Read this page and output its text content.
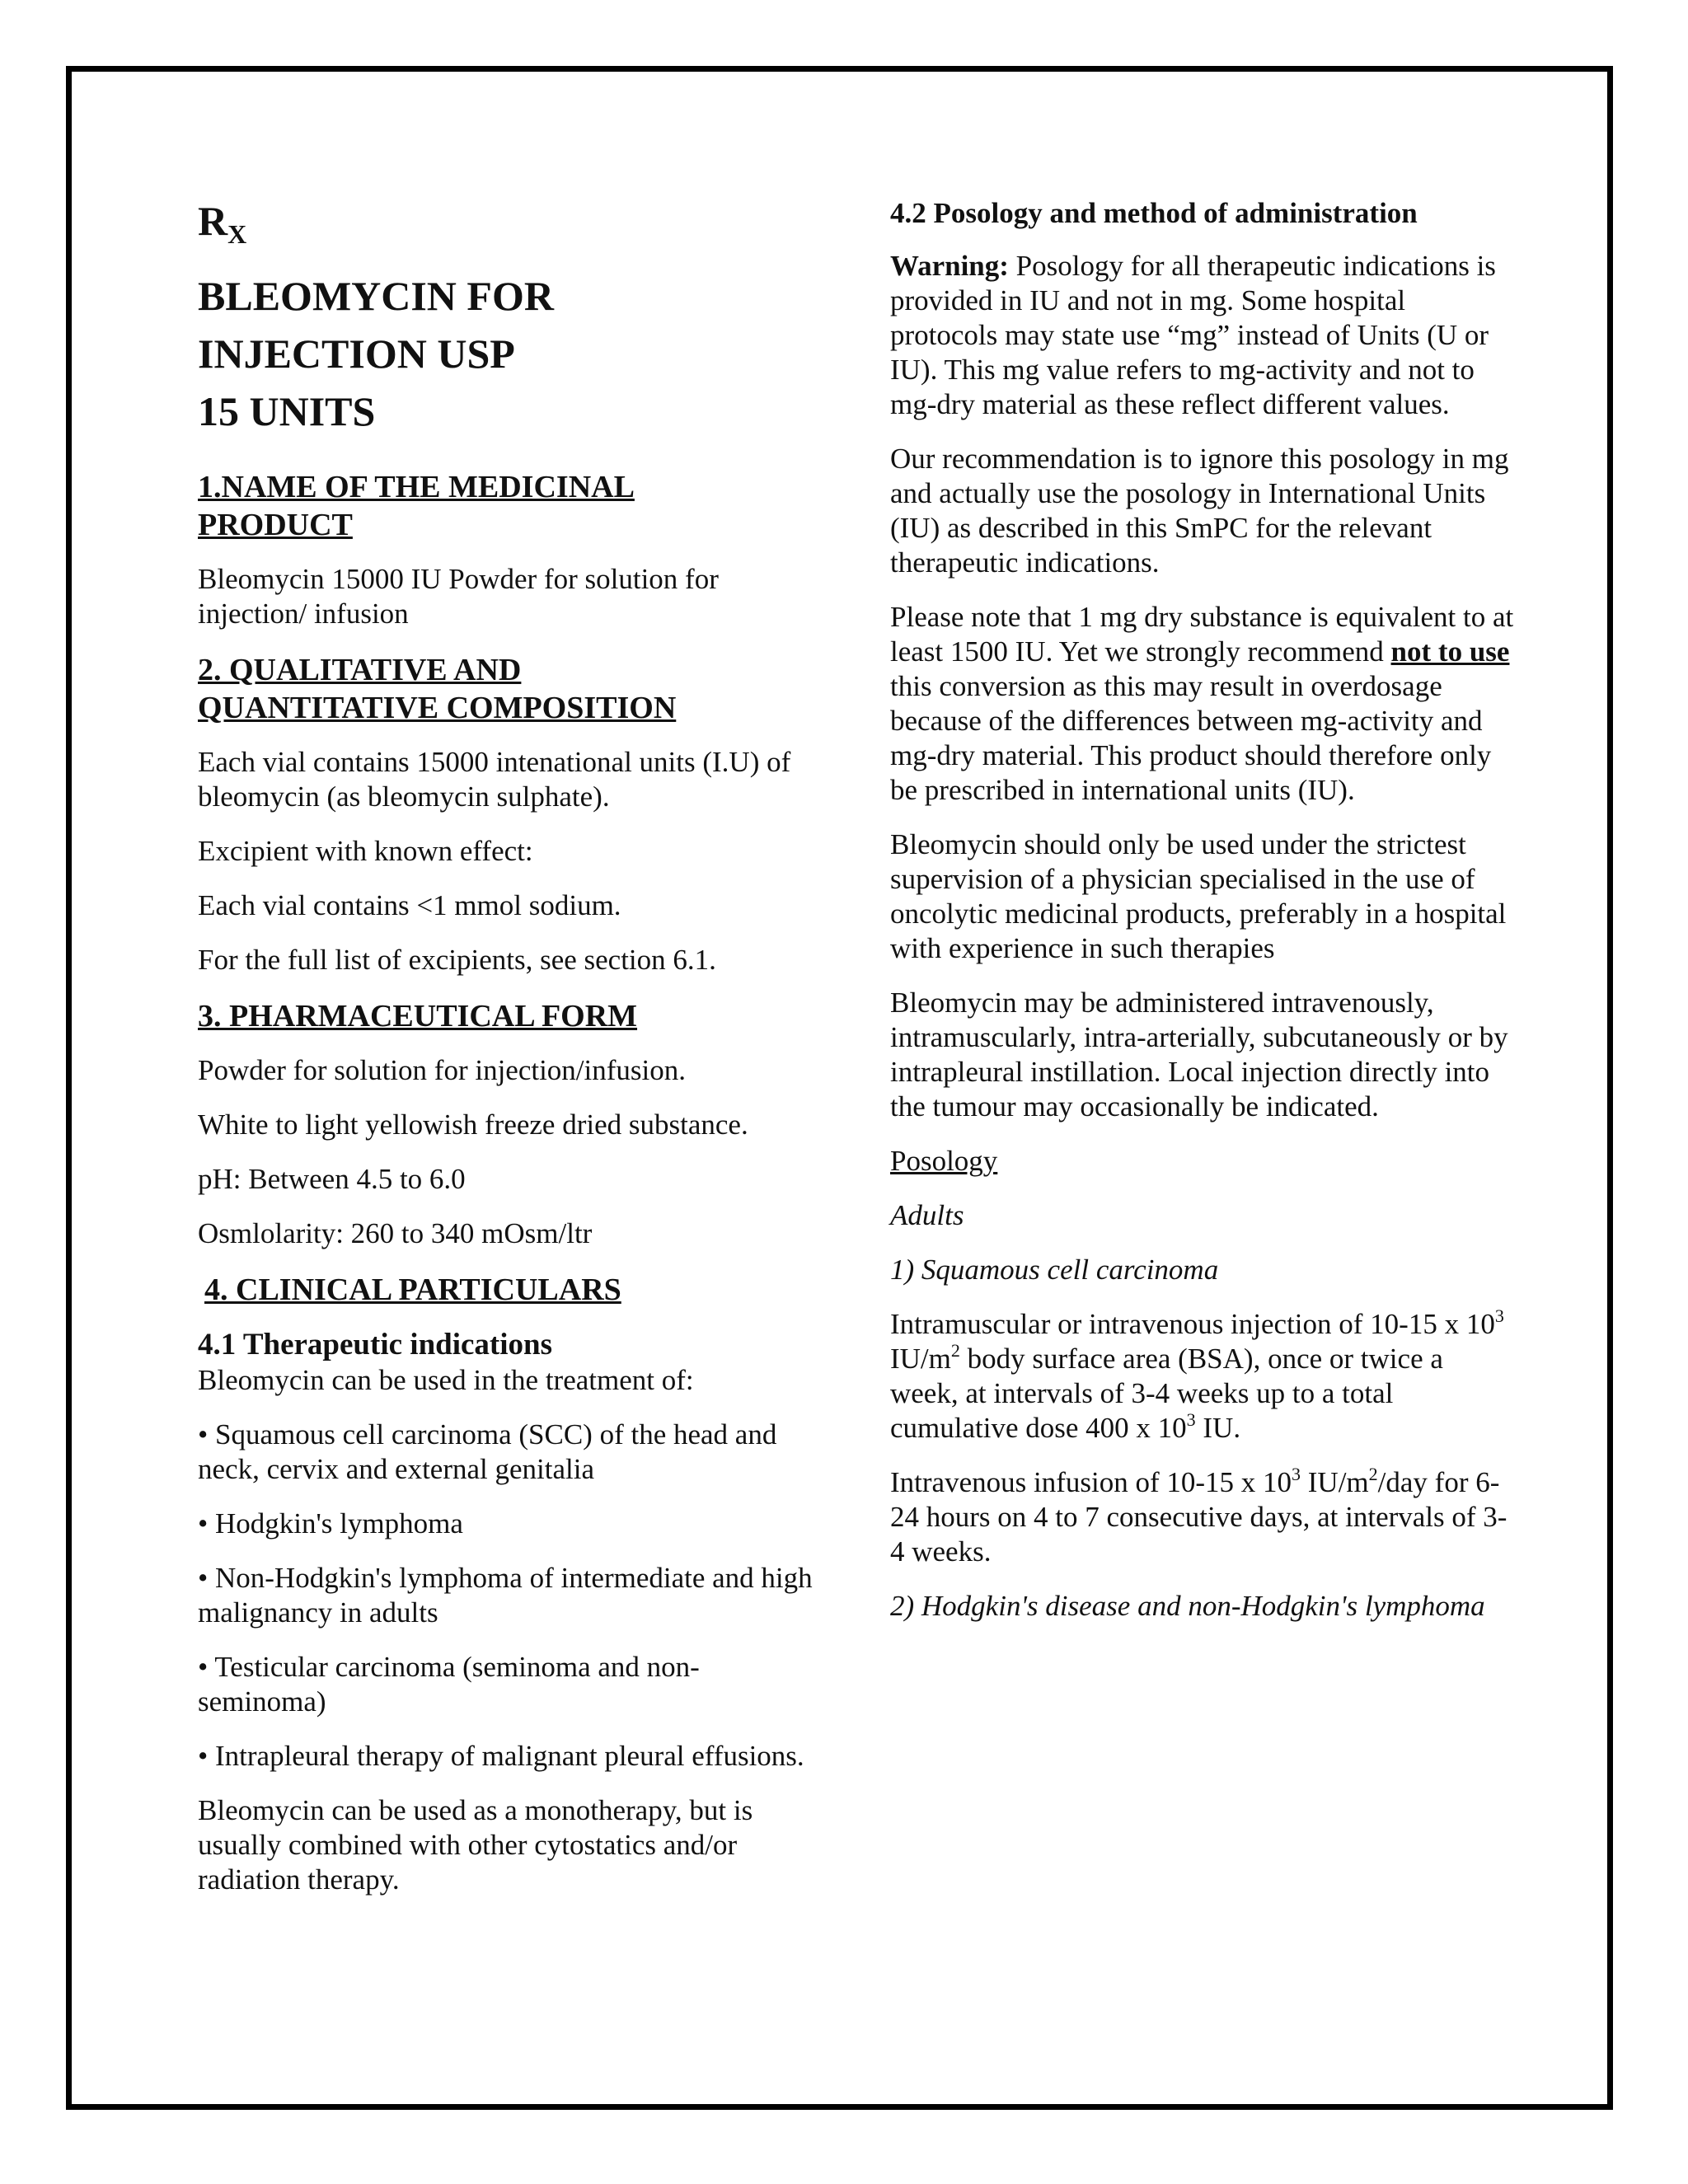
$R_X$
BLEOMYCIN FOR
INJECTION USP
15 UNITS
1.NAME OF THE MEDICINAL
PRODUCT

Bleomycin 15000 IU Powder for solution for injection/ infusion

2. QUALITATIVE AND
QUANTITATIVE COMPOSITION

Each vial contains 15000 intenational units (I.U) of bleomycin (as bleomycin sulphate).

Excipient with known effect:

Each vial contains <1 mmol sodium.

For the full list of excipients, see section 6.1.

3. PHARMACEUTICAL FORM

Powder for solution for injection/infusion.

White to light yellowish freeze dried substance.

pH: Between 4.5 to 6.0

Osmlolarity: 260 to 340 mOsm/ltr

4. CLINICAL PARTICULARS
4.1 Therapeutic indications

Bleomycin can be used in the treatment of:

• Squamous cell carcinoma (SCC) of the head and neck, cervix and external genitalia

• Hodgkin's lymphoma

• Non-Hodgkin's lymphoma of intermediate and high malignancy in adults

• Testicular carcinoma (seminoma and non-seminoma)

• Intrapleural therapy of malignant pleural effusions.

Bleomycin can be used as a monotherapy, but is usually combined with other cytostatics and/or radiation therapy.

4.2 Posology and method of administration

Warning: Posology for all therapeutic indications is provided in IU and not in mg. Some hospital protocols may state use “mg” instead of Units (U or IU). This mg value refers to mg-activity and not to mg-dry material as these reflect different values.

Our recommendation is to ignore this posology in mg and actually use the posology in International Units (IU) as described in this SmPC for the relevant therapeutic indications.

Please note that 1 mg dry substance is equivalent to at least 1500 IU. Yet we strongly recommend not to use this conversion as this may result in overdosage because of the differences between mg-activity and mg-dry material. This product should therefore only be prescribed in international units (IU).

Bleomycin should only be used under the strictest supervision of a physician specialised in the use of oncolytic medicinal products, preferably in a hospital with experience in such therapies

Bleomycin may be administered intravenously, intramuscularly, intra-arterially, subcutaneously or by intrapleural instillation. Local injection directly into the tumour may occasionally be indicated.

Posology

Adults

1) Squamous cell carcinoma

Intramuscular or intravenous injection of 10-15 x $10^3$ $IU/m^2$ body surface area (BSA), once or twice a week, at intervals of 3-4 weeks up to a total cumulative dose 400 x $10^3$ IU.

Intravenous infusion of 10-15 x $10^3$ $IU/m^2$/day for 6-24 hours on 4 to 7 consecutive days, at intervals of 3-4 weeks.

2) Hodgkin's disease and non-Hodgkin's lymphoma
